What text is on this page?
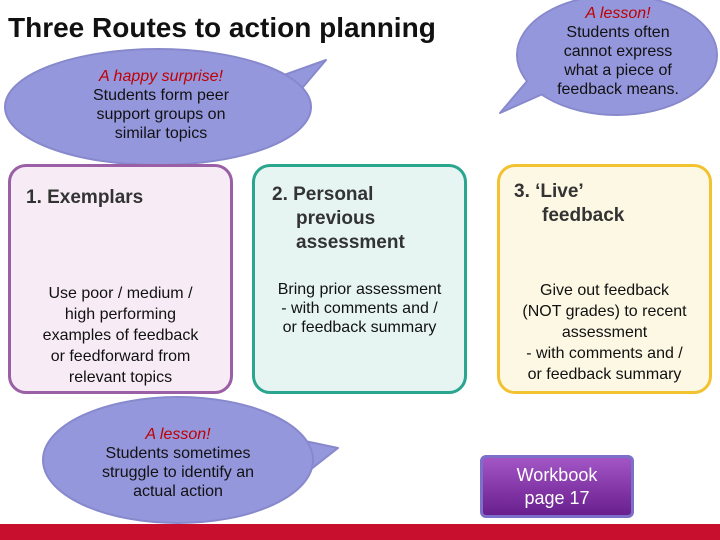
Three Routes to action planning	A lesson!
Students often
cannot express
what a piece of
feedback means.
A happy surprise!
Students form peer
support groups on
similar topics
A lesson!
Students sometimes
struggle to identify an
actual action
1. Exemplars
Use poor / medium /
high performing
examples of feedback
or feedforward from
relevant topics
2. Personal
previous
assessment
Bring prior assessment
- with comments and /
or feedback summary
3. ‘Live’
feedback
Give out feedback
(NOT grades) to recent
assessment
- with comments and /
or feedback summary
Workbook
page 17
